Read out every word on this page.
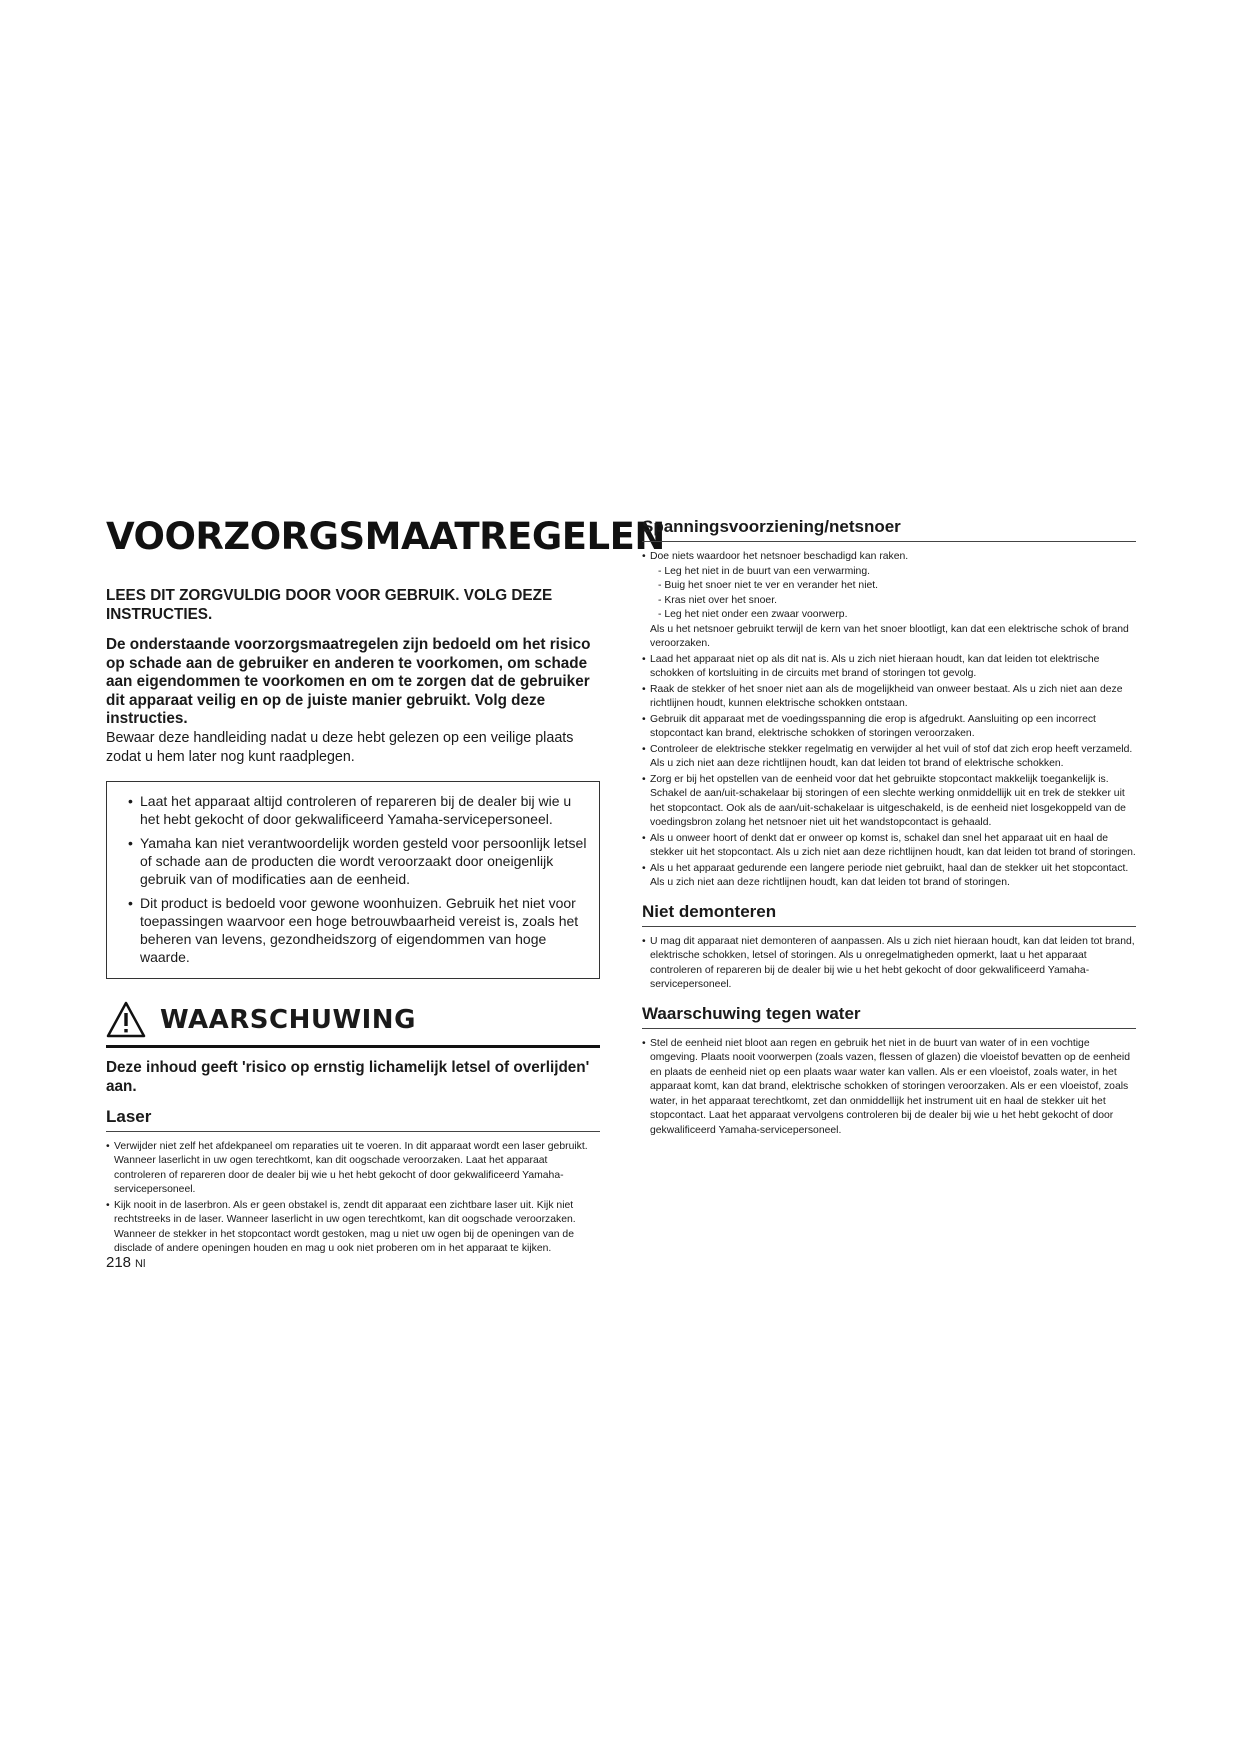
VOORZORGSMAATREGELEN

LEES DIT ZORGVULDIG DOOR VOOR GEBRUIK. VOLG DEZE INSTRUCTIES.

De onderstaande voorzorgsmaatregelen zijn bedoeld om het risico op schade aan de gebruiker en anderen te voorkomen, om schade aan eigendommen te voorkomen en om te zorgen dat de gebruiker dit apparaat veilig en op de juiste manier gebruikt. Volg deze instructies.

Bewaar deze handleiding nadat u deze hebt gelezen op een veilige plaats zodat u hem later nog kunt raadplegen.

• Laat het apparaat altijd controleren of repareren bij de dealer bij wie u het hebt gekocht of door gekwalificeerd Yamaha-servicepersoneel.
• Yamaha kan niet verantwoordelijk worden gesteld voor persoonlijk letsel of schade aan de producten die wordt veroorzaakt door oneigenlijk gebruik van of modificaties aan de eenheid.
• Dit product is bedoeld voor gewone woonhuizen. Gebruik het niet voor toepassingen waarvoor een hoge betrouwbaarheid vereist is, zoals het beheren van levens, gezondheidszorg of eigendommen van hoge waarde.
WAARSCHUWING

Deze inhoud geeft 'risico op ernstig lichamelijk letsel of overlijden' aan.

Laser
• Verwijder niet zelf het afdekpaneel om reparaties uit te voeren. In dit apparaat wordt een laser gebruikt. Wanneer laserlicht in uw ogen terechtkomt, kan dit oogschade veroorzaken. Laat het apparaat controleren of repareren door de dealer bij wie u het hebt gekocht of door gekwalificeerd Yamaha-servicepersoneel.
• Kijk nooit in de laserbron. Als er geen obstakel is, zendt dit apparaat een zichtbare laser uit. Kijk niet rechtstreeks in de laser. Wanneer laserlicht in uw ogen terechtkomt, kan dit oogschade veroorzaken. Wanneer de stekker in het stopcontact wordt gestoken, mag u niet uw ogen bij de openingen van de disclade of andere openingen houden en mag u ook niet proberen om in het apparaat te kijken.
Spanningsvoorziening/netsnoer
• Doe niets waardoor het netsnoer beschadigd kan raken.
- Leg het niet in de buurt van een verwarming.
- Buig het snoer niet te ver en verander het niet.
- Kras niet over het snoer.
- Leg het niet onder een zwaar voorwerp.
Als u het netsnoer gebruikt terwijl de kern van het snoer blootligt, kan dat een elektrische schok of brand veroorzaken.
• Laad het apparaat niet op als dit nat is. Als u zich niet hieraan houdt, kan dat leiden tot elektrische schokken of kortsluiting in de circuits met brand of storingen tot gevolg.
• Raak de stekker of het snoer niet aan als de mogelijkheid van onweer bestaat. Als u zich niet aan deze richtlijnen houdt, kunnen elektrische schokken ontstaan.
• Gebruik dit apparaat met de voedingsspanning die erop is afgedrukt. Aansluiting op een incorrect stopcontact kan brand, elektrische schokken of storingen veroorzaken.
• Controleer de elektrische stekker regelmatig en verwijder al het vuil of stof dat zich erop heeft verzameld. Als u zich niet aan deze richtlijnen houdt, kan dat leiden tot brand of elektrische schokken.
• Zorg er bij het opstellen van de eenheid voor dat het gebruikte stopcontact makkelijk toegankelijk is. Schakel de aan/uit-schakelaar bij storingen of een slechte werking onmiddellijk uit en trek de stekker uit het stopcontact. Ook als de aan/uit-schakelaar is uitgeschakeld, is de eenheid niet losgekoppeld van de voedingsbron zolang het netsnoer niet uit het wandstopcontact is gehaald.
• Als u onweer hoort of denkt dat er onweer op komst is, schakel dan snel het apparaat uit en haal de stekker uit het stopcontact. Als u zich niet aan deze richtlijnen houdt, kan dat leiden tot brand of storingen.
• Als u het apparaat gedurende een langere periode niet gebruikt, haal dan de stekker uit het stopcontact. Als u zich niet aan deze richtlijnen houdt, kan dat leiden tot brand of storingen.
Niet demonteren
• U mag dit apparaat niet demonteren of aanpassen. Als u zich niet hieraan houdt, kan dat leiden tot brand, elektrische schokken, letsel of storingen. Als u onregelmatigheden opmerkt, laat u het apparaat controleren of repareren bij de dealer bij wie u het hebt gekocht of door gekwalificeerd Yamaha-servicepersoneel.
Waarschuwing tegen water
• Stel de eenheid niet bloot aan regen en gebruik het niet in de buurt van water of in een vochtige omgeving. Plaats nooit voorwerpen (zoals vazen, flessen of glazen) die vloeistof bevatten op de eenheid en plaats de eenheid niet op een plaats waar water kan vallen. Als er een vloeistof, zoals water, in het apparaat komt, kan dat brand, elektrische schokken of storingen veroorzaken. Als er een vloeistof, zoals water, in het apparaat terechtkomt, zet dan onmiddellijk het instrument uit en haal de stekker uit het stopcontact. Laat het apparaat vervolgens controleren bij de dealer bij wie u het hebt gekocht of door gekwalificeerd Yamaha-servicepersoneel.
218 Nl
